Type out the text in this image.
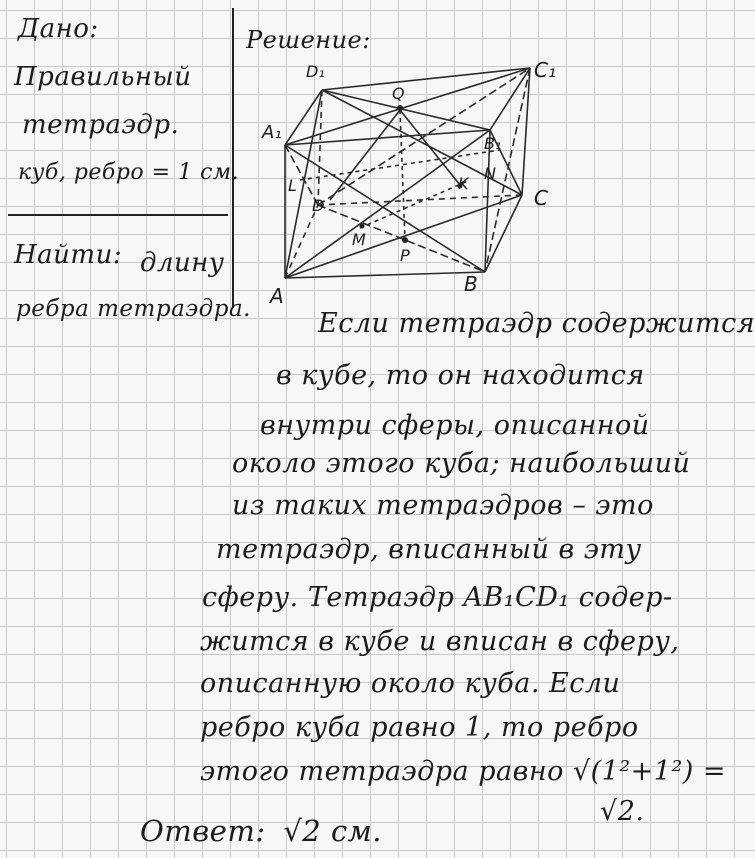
Дано:
Правильный
тетраэдр.
куб, ребро = 1 см.
Найти: длину
ребра тетраэдра.
Решение:
D₁
Q
C₁
A₁
B₁
C
L
D
M
P
K
N
A	B
Если тетраэдр содержится
в кубе, то он находится
внутри сферы, описанной
около этого куба; наибольший
из таких тетраэдров – это
тетраэдр, вписанный в эту
сферу. Тетраэдр AB₁CD₁ содер-
жится в кубе и вписан в сферу,
описанную около куба. Если
ребро куба равно 1, то ребро
этого тетраэдра равно √(1²+1²) =
√2.
Ответ: √2 см.
